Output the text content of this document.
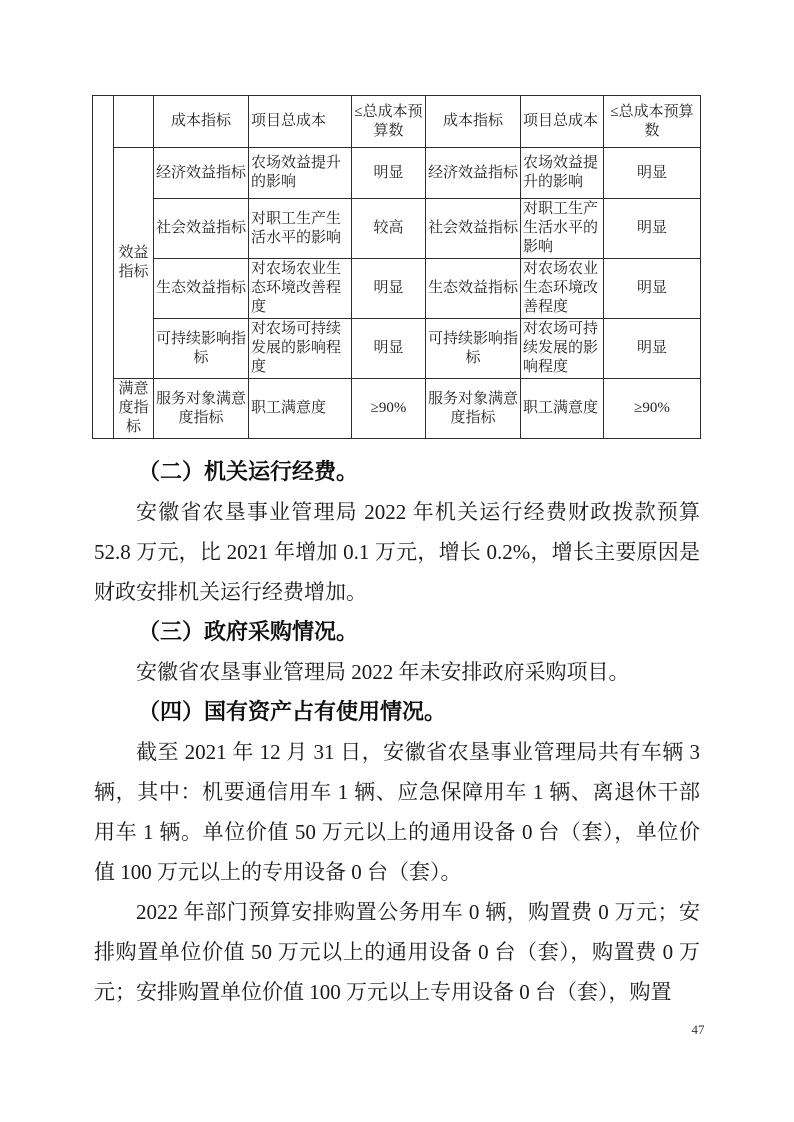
		成本指标	项目总成本	≤总成本预算数	成本指标	项目总成本	≤总成本预算数
	效益指标	经济效益指标	农场效益提升的影响	明显	经济效益指标	农场效益提升的影响	明显
		社会效益指标	对职工生产生活水平的影响	较高	社会效益指标	对职工生产生活水平的影响	明显
		生态效益指标	对农场农业生态环境改善程度	明显	生态效益指标	对农场农业生态环境改善程度	明显
		可持续影响指标	对农场可持续发展的影响程度	明显	可持续影响指标	对农场可持续发展的影响程度	明显
	满意度指标	服务对象满意度指标	职工满意度	≥90%	服务对象满意度指标	职工满意度	≥90%
（二）机关运行经费。
安徽省农垦事业管理局 2022 年机关运行经费财政拨款预算 52.8 万元，比 2021 年增加 0.1 万元，增长 0.2%，增长主要原因是财政安排机关运行经费增加。
（三）政府采购情况。
安徽省农垦事业管理局 2022 年未安排政府采购项目。
（四）国有资产占有使用情况。
截至 2021 年 12 月 31 日，安徽省农垦事业管理局共有车辆 3 辆，其中：机要通信用车 1 辆、应急保障用车 1 辆、离退休干部用车 1 辆。单位价值 50 万元以上的通用设备 0 台（套），单位价值 100 万元以上的专用设备 0 台（套）。
2022 年部门预算安排购置公务用车 0 辆，购置费 0 万元；安排购置单位价值 50 万元以上的通用设备 0 台（套），购置费 0 万元；安排购置单位价值 100 万元以上专用设备 0 台（套），购置
47
